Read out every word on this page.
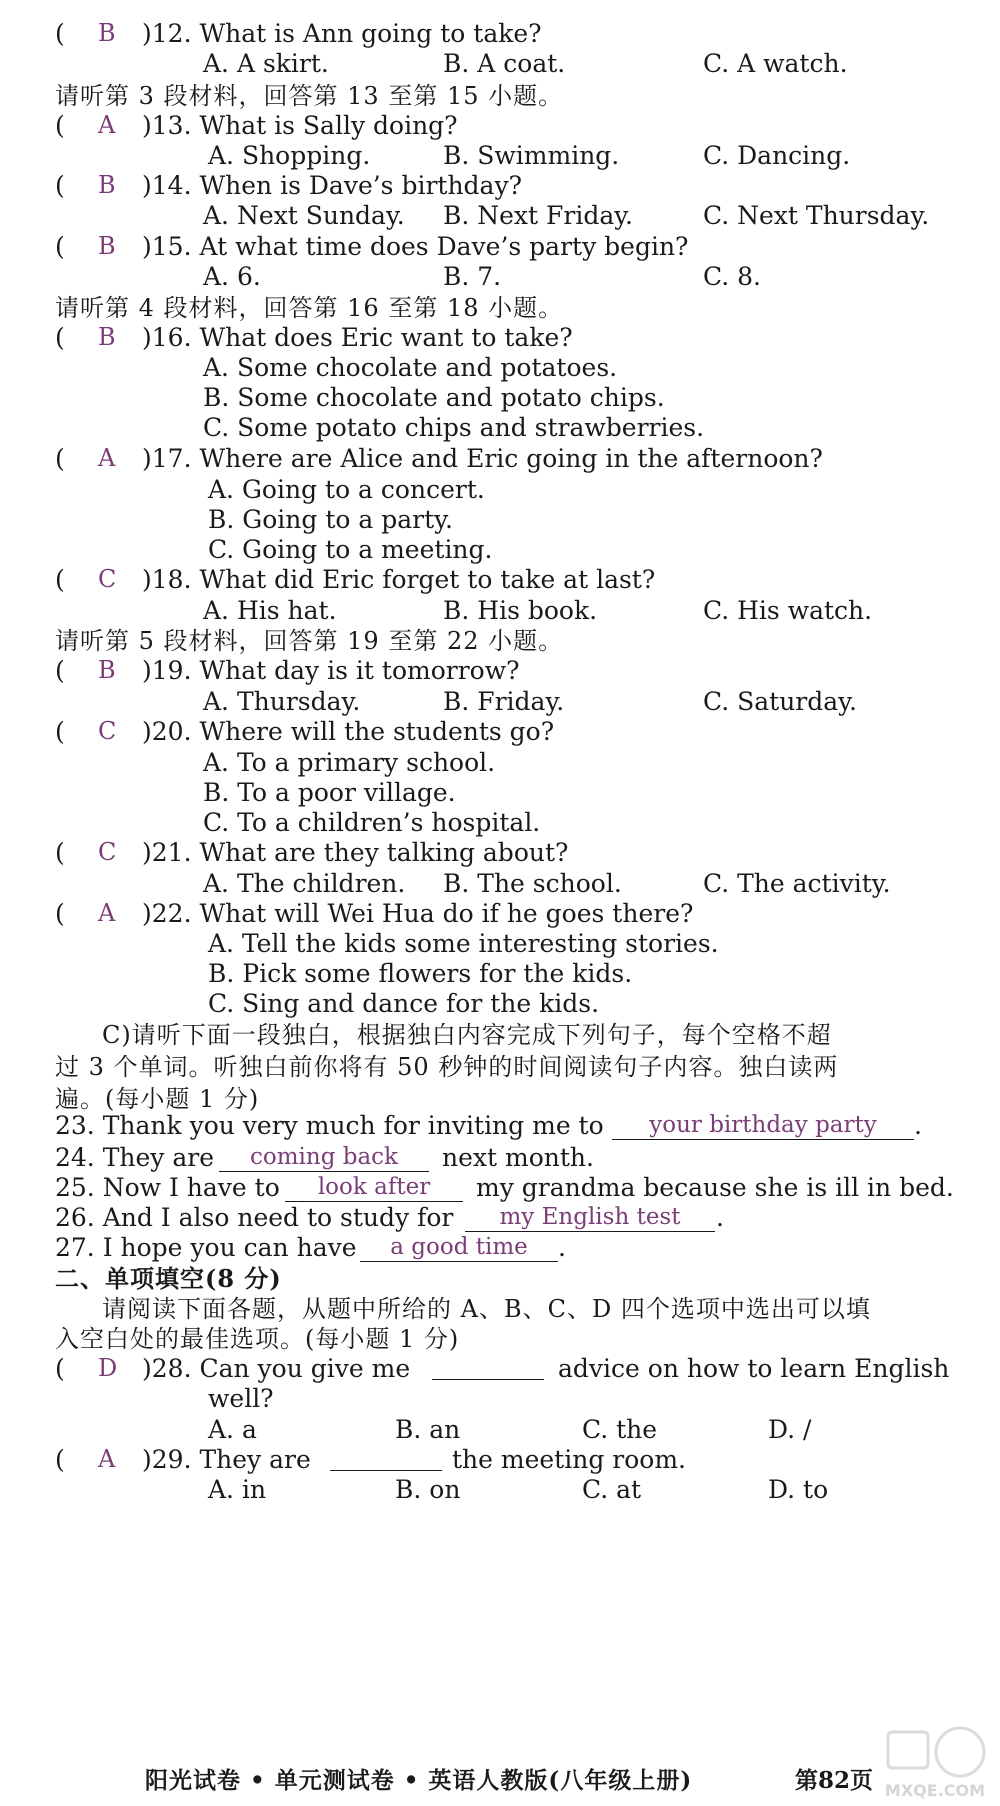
( B )12. What is Ann going to take?
A. A skirt.	B. A coat.	C. A watch.
请听第 3 段材料，回答第 13 至第 15 小题。
( A )13. What is Sally doing?
A. Shopping.	B. Swimming.	C. Dancing.
( B )14. When is Dave’s birthday?
A. Next Sunday. B. Next Friday.	C. Next Thursday.
( B )15. At what time does Dave’s party begin?
A. 6.	B. 7.	C. 8.
请听第 4 段材料，回答第 16 至第 18 小题。
( B )16. What does Eric want to take?
A. Some chocolate and potatoes.
B. Some chocolate and potato chips.
C. Some potato chips and strawberries.
( A )17. Where are Alice and Eric going in the afternoon?
A. Going to a concert.
B. Going to a party.
C. Going to a meeting.
( C )18. What did Eric forget to take at last?
A. His hat.	B. His book.	C. His watch.
请听第 5 段材料，回答第 19 至第 22 小题。
( B )19. What day is it tomorrow?
A. Thursday.	B. Friday.	C. Saturday.
( C )20. Where will the students go?
A. To a primary school.
B. To a poor village.
C. To a children’s hospital.
( C )21. What are they talking about?
A. The children. B. The school.	C. The activity.
( A )22. What will Wei Hua do if he goes there?
A. Tell the kids some interesting stories.
B. Pick some flowers for the kids.
C. Sing and dance for the kids.
C)请听下面一段独白，根据独白内容完成下列句子，每个空格不超
过 3 个单词。听独白前你将有 50 秒钟的时间阅读句子内容。独白读两
遍。(每小题 1 分)
23. Thank you very much for inviting me to	your birthday party	.
24. They are	coming back	next month.
25. Now I have to	look after	my grandma because she is ill in bed.
26. And I also need to study for	my English test	.
27. I hope you can have	a good time	.
二、单项填空(8 分)
请阅读下面各题，从题中所给的 A、B、C、D 四个选项中选出可以填
入空白处的最佳选项。(每小题 1 分)
( D )28. Can you give me	advice on how to learn English
well?
A. a	B. an	C. the	D. /
( A )29. They are	the meeting room.
A. in	B. on	C. at	D. to
阳光试卷 • 单元测试卷 • 英语人教版(八年级上册)	第82页 MXQE.COM
